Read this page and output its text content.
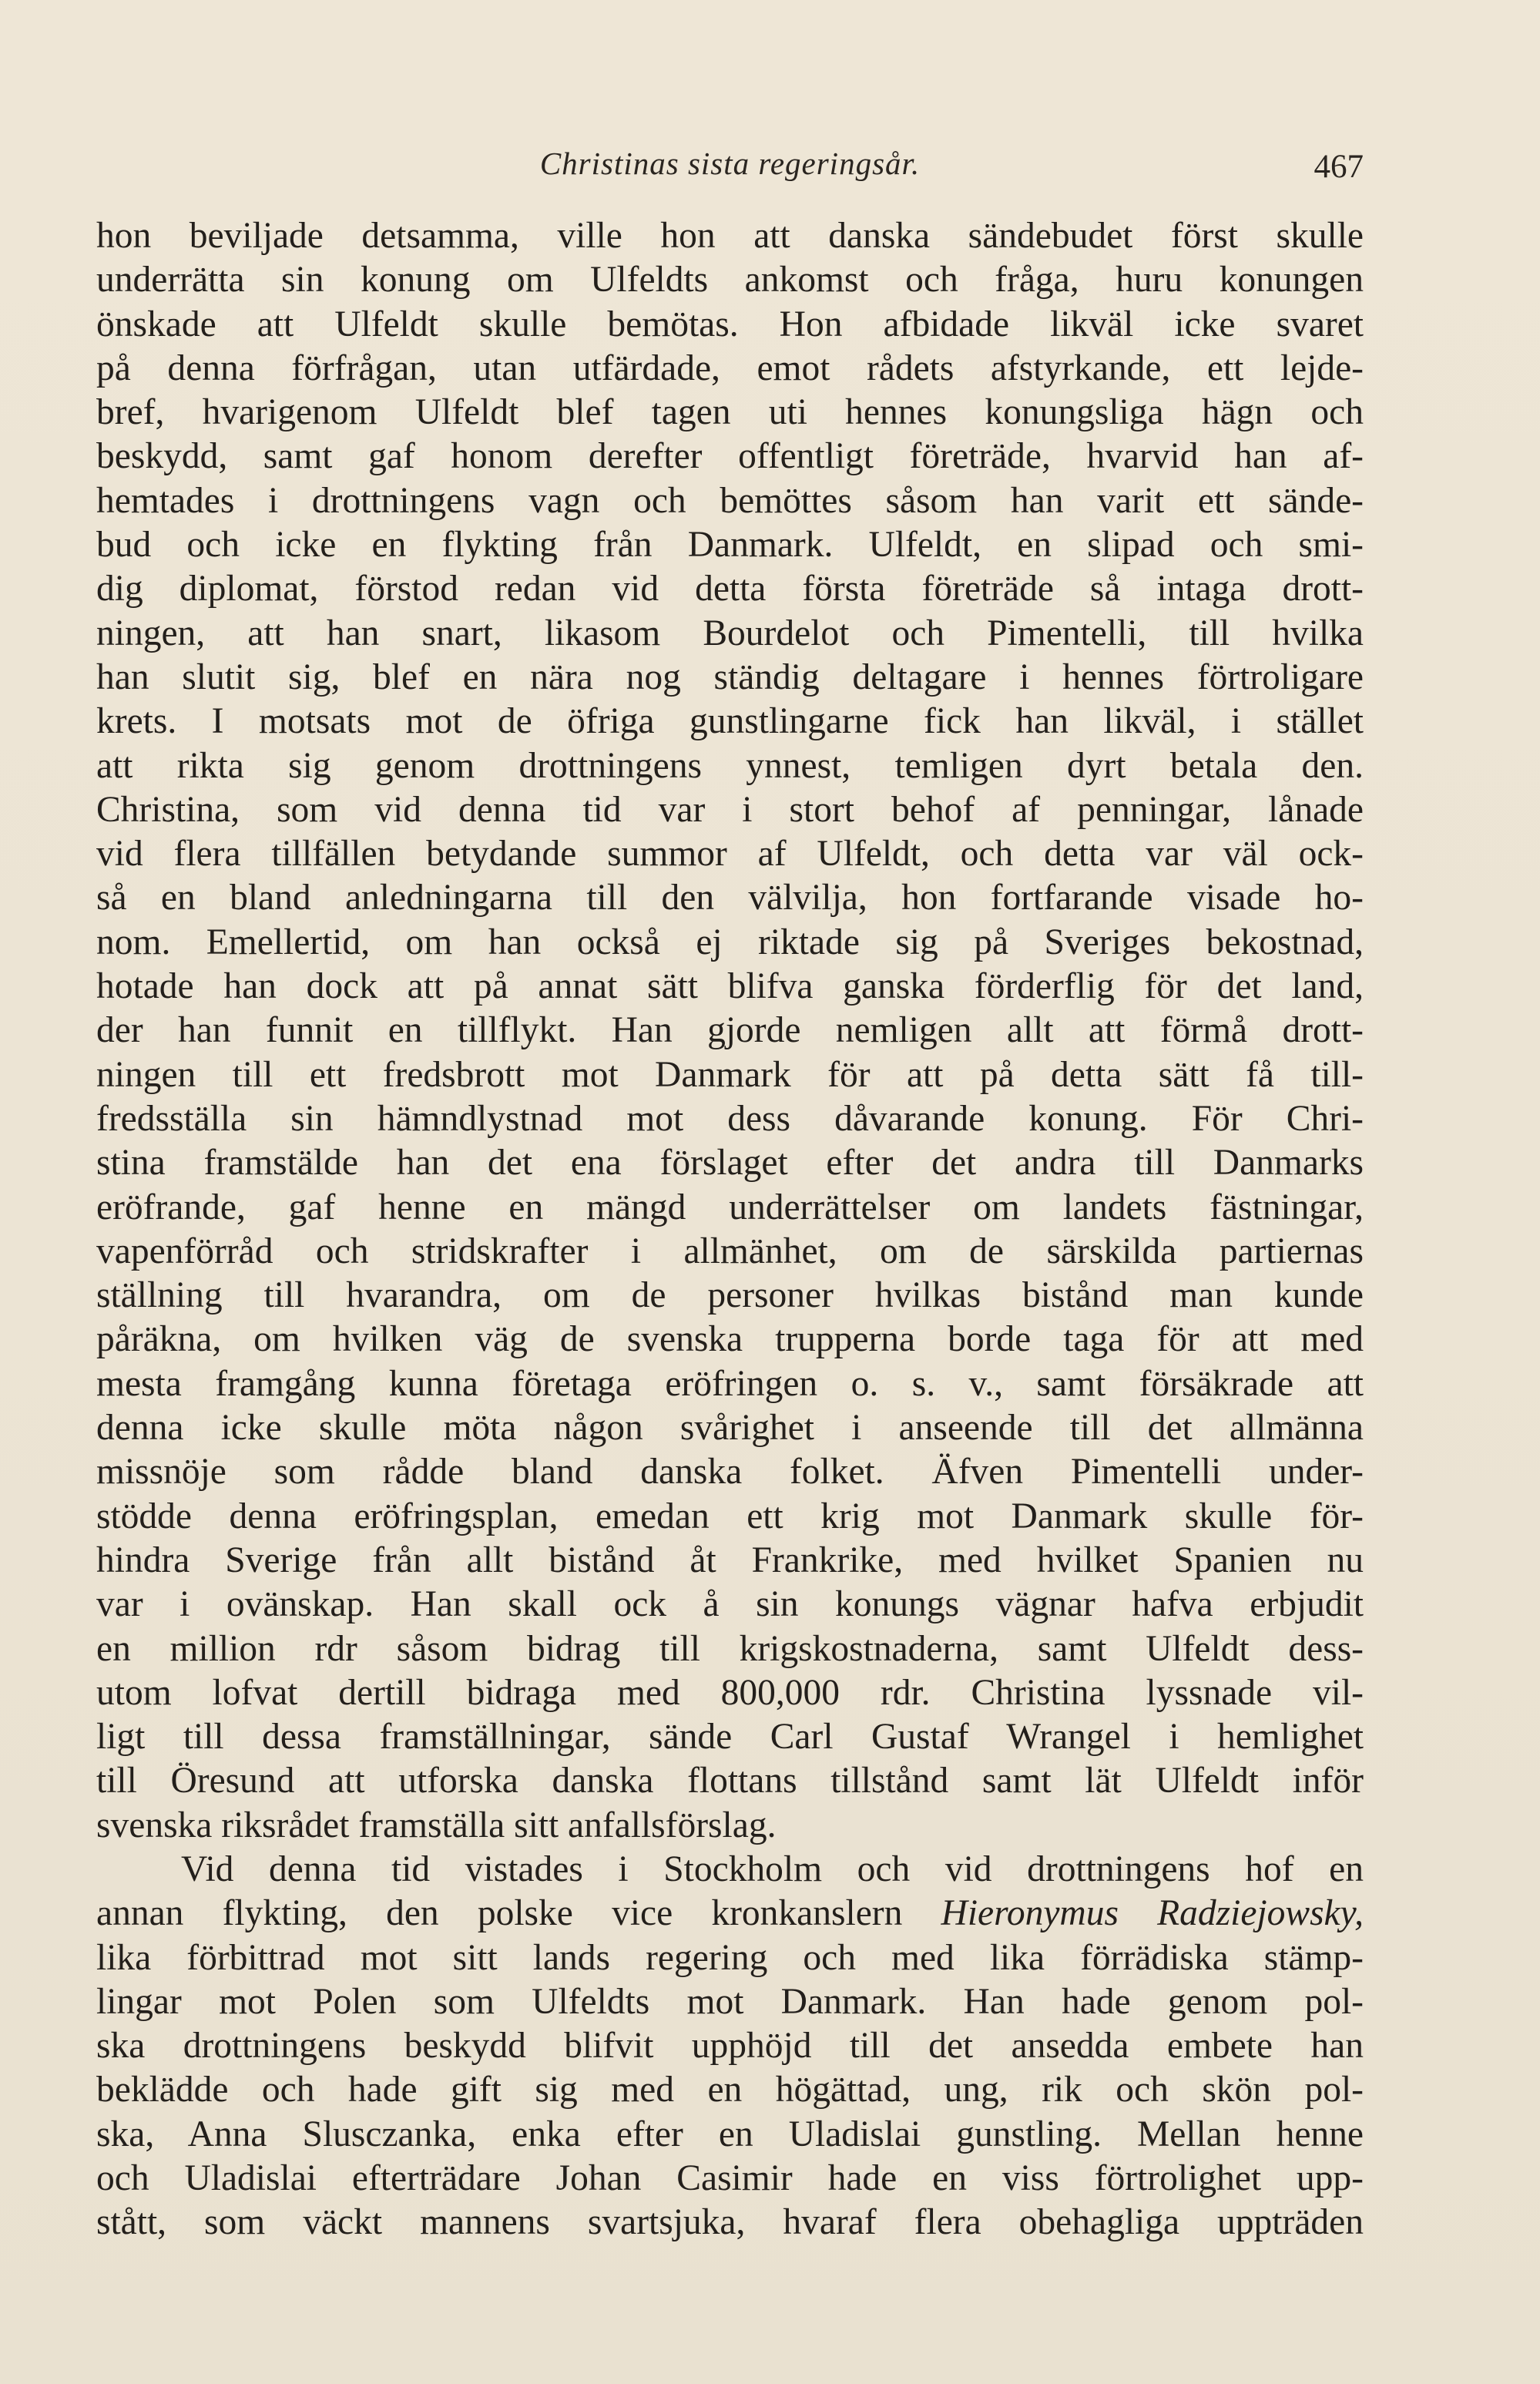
Christinas sista regeringsår.	467
hon beviljade detsamma, ville hon att danska sändebudet först skulle
underrätta sin konung om Ulfeldts ankomst och fråga, huru konungen
önskade att Ulfeldt skulle bemötas. Hon afbidade likväl icke svaret
på denna förfrågan, utan utfärdade, emot rådets afstyrkande, ett lejde-
bref, hvarigenom Ulfeldt blef tagen uti hennes konungsliga hägn och
beskydd, samt gaf honom derefter offentligt företräde, hvarvid han af-
hemtades i drottningens vagn och bemöttes såsom han varit ett sände-
bud och icke en flykting från Danmark. Ulfeldt, en slipad och smi-
dig diplomat, förstod redan vid detta första företräde så intaga drott-
ningen, att han snart, likasom Bourdelot och Pimentelli, till hvilka
han slutit sig, blef en nära nog ständig deltagare i hennes förtroligare
krets. I motsats mot de öfriga gunstlingarne fick han likväl, i stället
att rikta sig genom drottningens ynnest, temligen dyrt betala den.
Christina, som vid denna tid var i stort behof af penningar, lånade
vid flera tillfällen betydande summor af Ulfeldt, och detta var väl ock-
så en bland anledningarna till den välvilja, hon fortfarande visade ho-
nom. Emellertid, om han också ej riktade sig på Sveriges bekostnad,
hotade han dock att på annat sätt blifva ganska förderflig för det land,
der han funnit en tillflykt. Han gjorde nemligen allt att förmå drott-
ningen till ett fredsbrott mot Danmark för att på detta sätt få till-
fredsställa sin hämndlystnad mot dess dåvarande konung. För Chri-
stina framstälde han det ena förslaget efter det andra till Danmarks
eröfrande, gaf henne en mängd underrättelser om landets fästningar,
vapenförråd och stridskrafter i allmänhet, om de särskilda partiernas
ställning till hvarandra, om de personer hvilkas bistånd man kunde
påräkna, om hvilken väg de svenska trupperna borde taga för att med
mesta framgång kunna företaga eröfringen o. s. v., samt försäkrade att
denna icke skulle möta någon svårighet i anseende till det allmänna
missnöje som rådde bland danska folket. Äfven Pimentelli under-
stödde denna eröfringsplan, emedan ett krig mot Danmark skulle för-
hindra Sverige från allt bistånd åt Frankrike, med hvilket Spanien nu
var i ovänskap. Han skall ock å sin konungs vägnar hafva erbjudit
en million rdr såsom bidrag till krigskostnaderna, samt Ulfeldt dess-
utom lofvat dertill bidraga med 800,000 rdr. Christina lyssnade vil-
ligt till dessa framställningar, sände Carl Gustaf Wrangel i hemlighet
till Öresund att utforska danska flottans tillstånd samt lät Ulfeldt inför
svenska riksrådet framställa sitt anfallsförslag.
Vid denna tid vistades i Stockholm och vid drottningens hof en
annan flykting, den polske vice kronkanslern Hieronymus Radziejowsky,
lika förbittrad mot sitt lands regering och med lika förrädiska stämp-
lingar mot Polen som Ulfeldts mot Danmark. Han hade genom pol-
ska drottningens beskydd blifvit upphöjd till det ansedda embete han
beklädde och hade gift sig med en högättad, ung, rik och skön pol-
ska, Anna Slusczanka, enka efter en Uladislai gunstling. Mellan henne
och Uladislai efterträdare Johan Casimir hade en viss förtrolighet upp-
stått, som väckt mannens svartsjuka, hvaraf flera obehagliga uppträden
